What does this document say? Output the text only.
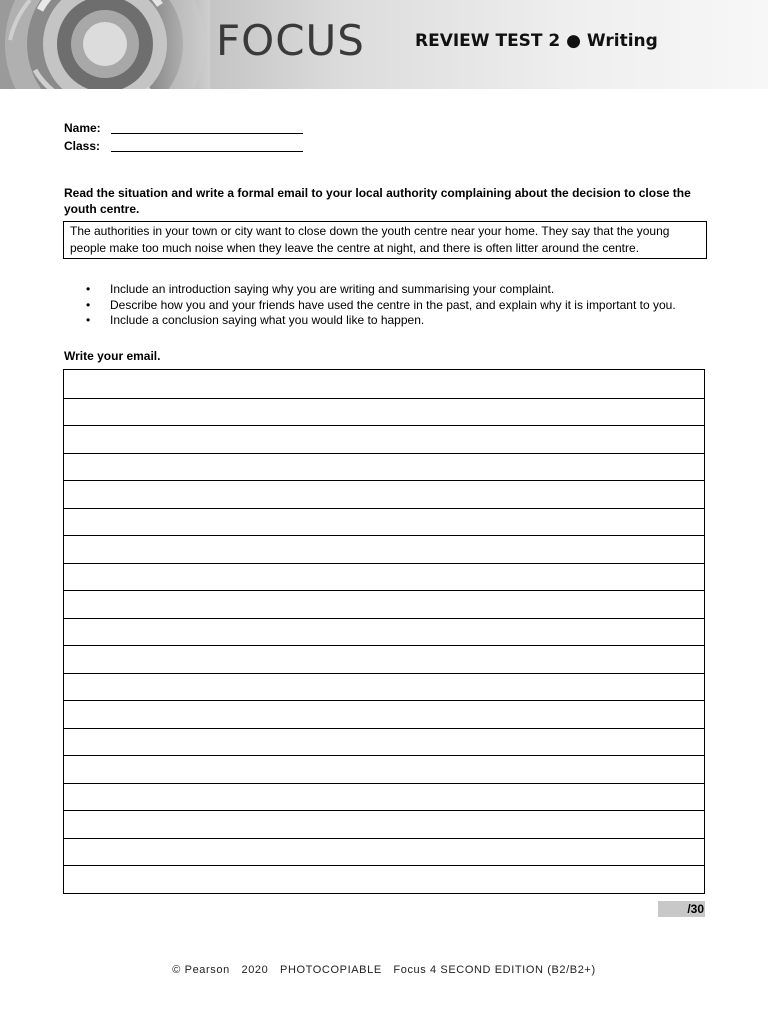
FOCUS	REVIEW TEST 2 ● Writing
Name:
Class:
Read the situation and write a formal email to your local authority complaining about the decision to close the youth centre.
The authorities in your town or city want to close down the youth centre near your home. They say that the young people make too much noise when they leave the centre at night, and there is often litter around the centre.
• Include an introduction saying why you are writing and summarising your complaint.
• Describe how you and your friends have used the centre in the past, and explain why it is important to you.
• Include a conclusion saying what you would like to happen.
Write your email.
/30
© Pearson 2020 PHOTOCOPIABLE Focus 4 SECOND EDITION (B2/B2+)
